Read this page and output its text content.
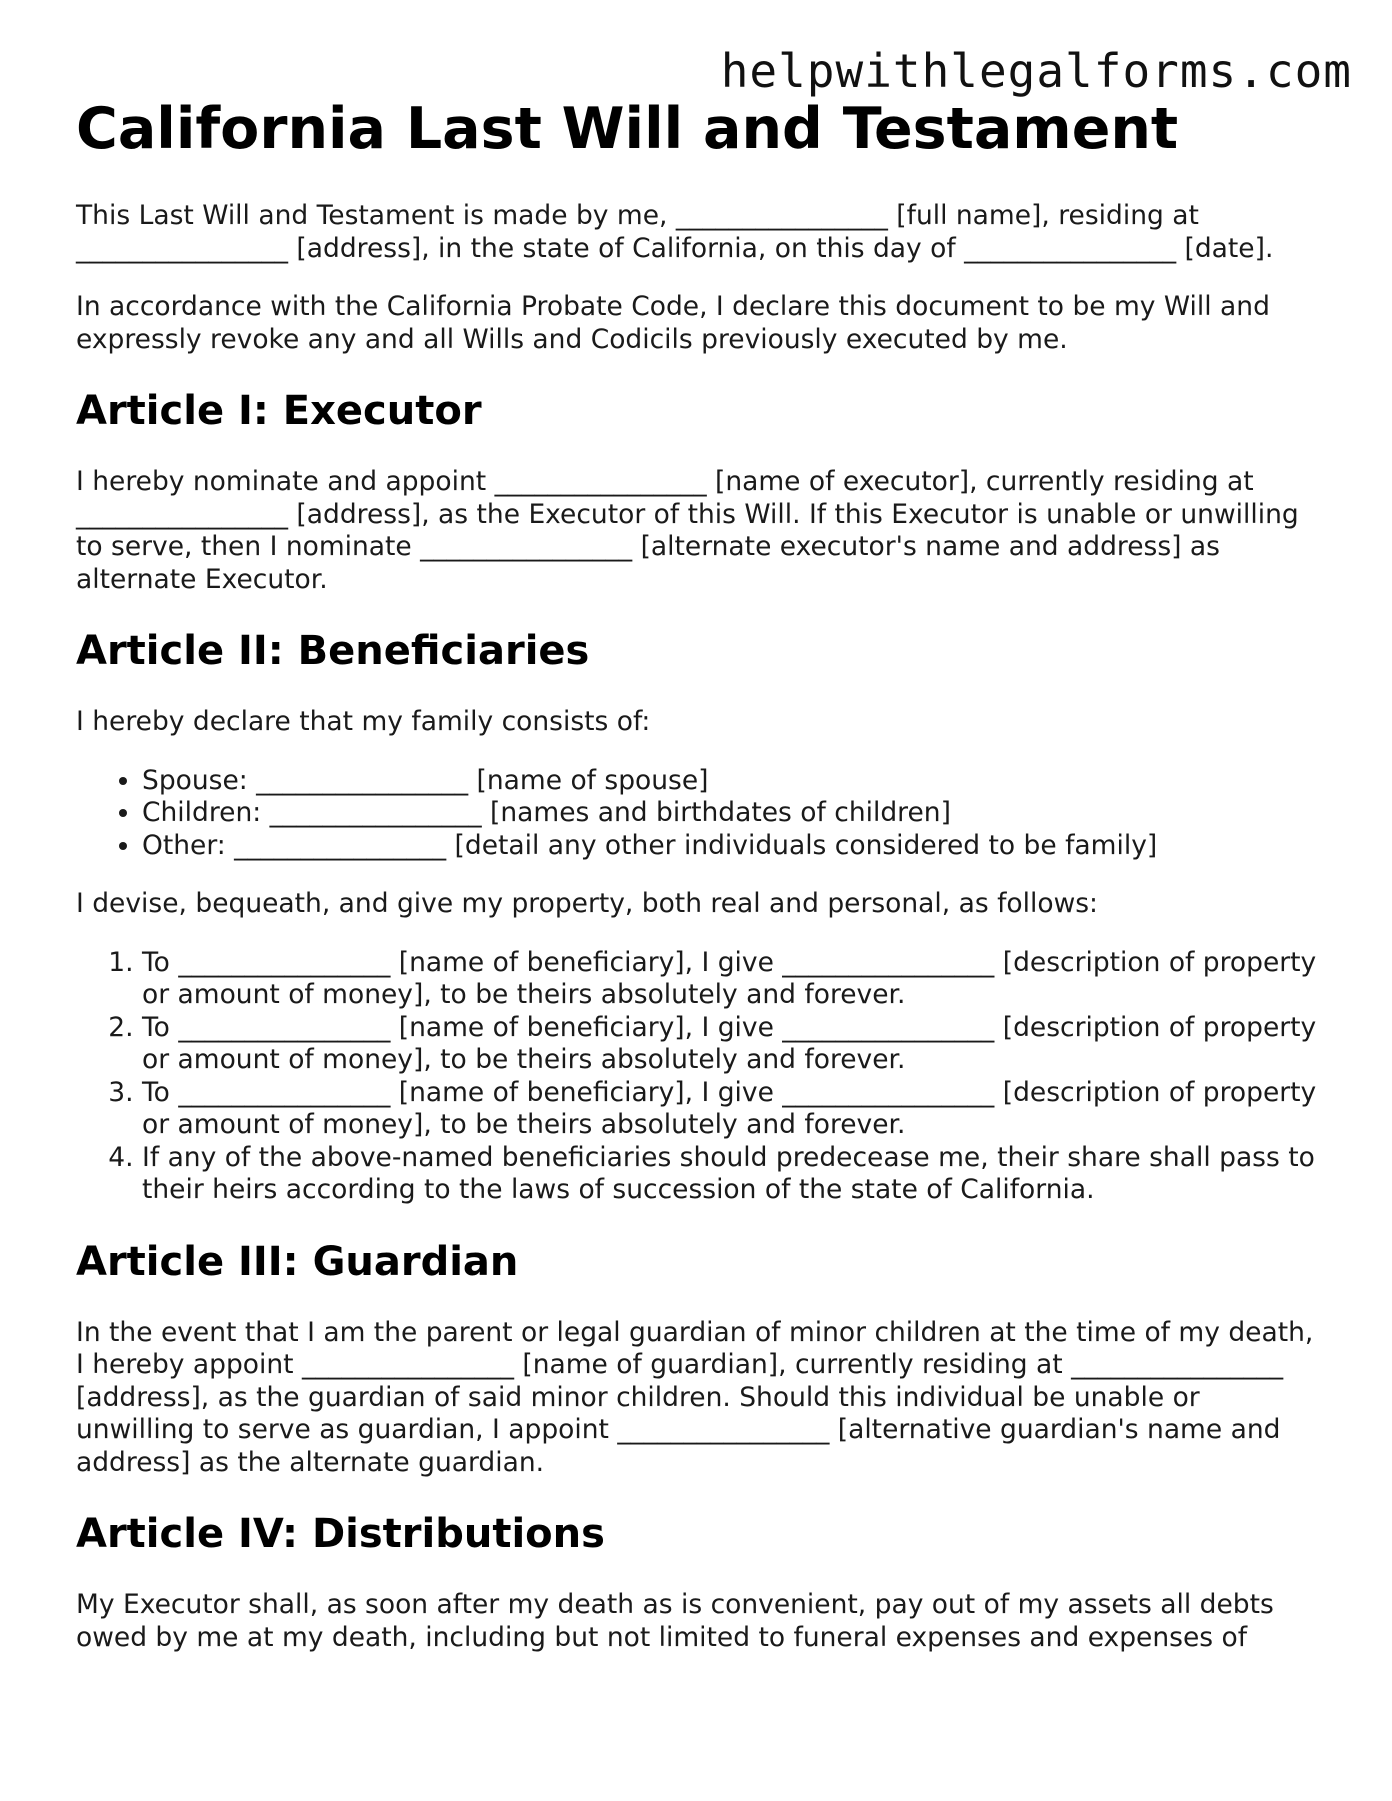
helpwithlegalforms.com
California Last Will and Testament

This Last Will and Testament is made by me, ________________ [full name], residing at ________________ [address], in the state of California, on this day of ________________ [date].

In accordance with the California Probate Code, I declare this document to be my Will and expressly revoke any and all Wills and Codicils previously executed by me.

Article I: Executor

I hereby nominate and appoint ________________ [name of executor], currently residing at ________________ [address], as the Executor of this Will. If this Executor is unable or unwilling to serve, then I nominate ________________ [alternate executor's name and address] as alternate Executor.

Article II: Beneficiaries

I hereby declare that my family consists of:

• Spouse: ________________ [name of spouse]
• Children: ________________ [names and birthdates of children]
• Other: ________________ [detail any other individuals considered to be family]

I devise, bequeath, and give my property, both real and personal, as follows:

1. To ________________ [name of beneficiary], I give ________________ [description of property or amount of money], to be theirs absolutely and forever.
2. To ________________ [name of beneficiary], I give ________________ [description of property or amount of money], to be theirs absolutely and forever.
3. To ________________ [name of beneficiary], I give ________________ [description of property or amount of money], to be theirs absolutely and forever.
4. If any of the above-named beneficiaries should predecease me, their share shall pass to their heirs according to the laws of succession of the state of California.
Article III: Guardian

In the event that I am the parent or legal guardian of minor children at the time of my death, I hereby appoint ________________ [name of guardian], currently residing at ________________ [address], as the guardian of said minor children. Should this individual be unable or unwilling to serve as guardian, I appoint ________________ [alternative guardian's name and address] as the alternate guardian.

Article IV: Distributions

My Executor shall, as soon after my death as is convenient, pay out of my assets all debts owed by me at my death, including but not limited to funeral expenses and expenses of
